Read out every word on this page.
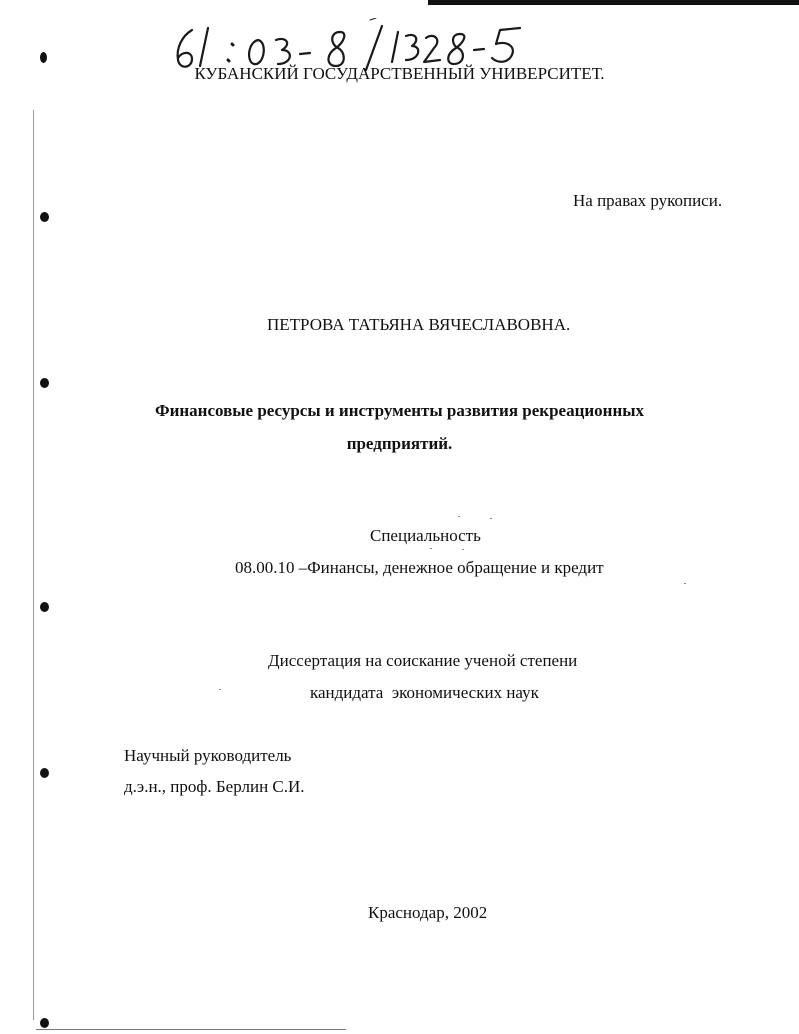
КУБАНСКИЙ ГОСУДАРСТВЕННЫЙ УНИВЕРСИТЕТ.

На правах рукописи.

ПЕТРОВА ТАТЬЯНА ВЯЧЕСЛАВОВНА.

Финансовые ресурсы и инструменты развития рекреационных

предприятий.

Специальность

08.00.10 –Финансы, денежное обращение и кредит

Диссертация на соискание ученой степени

кандидата  экономических наук

Научный руководитель

д.э.н., проф. Берлин С.И.

Краснодар, 2002
